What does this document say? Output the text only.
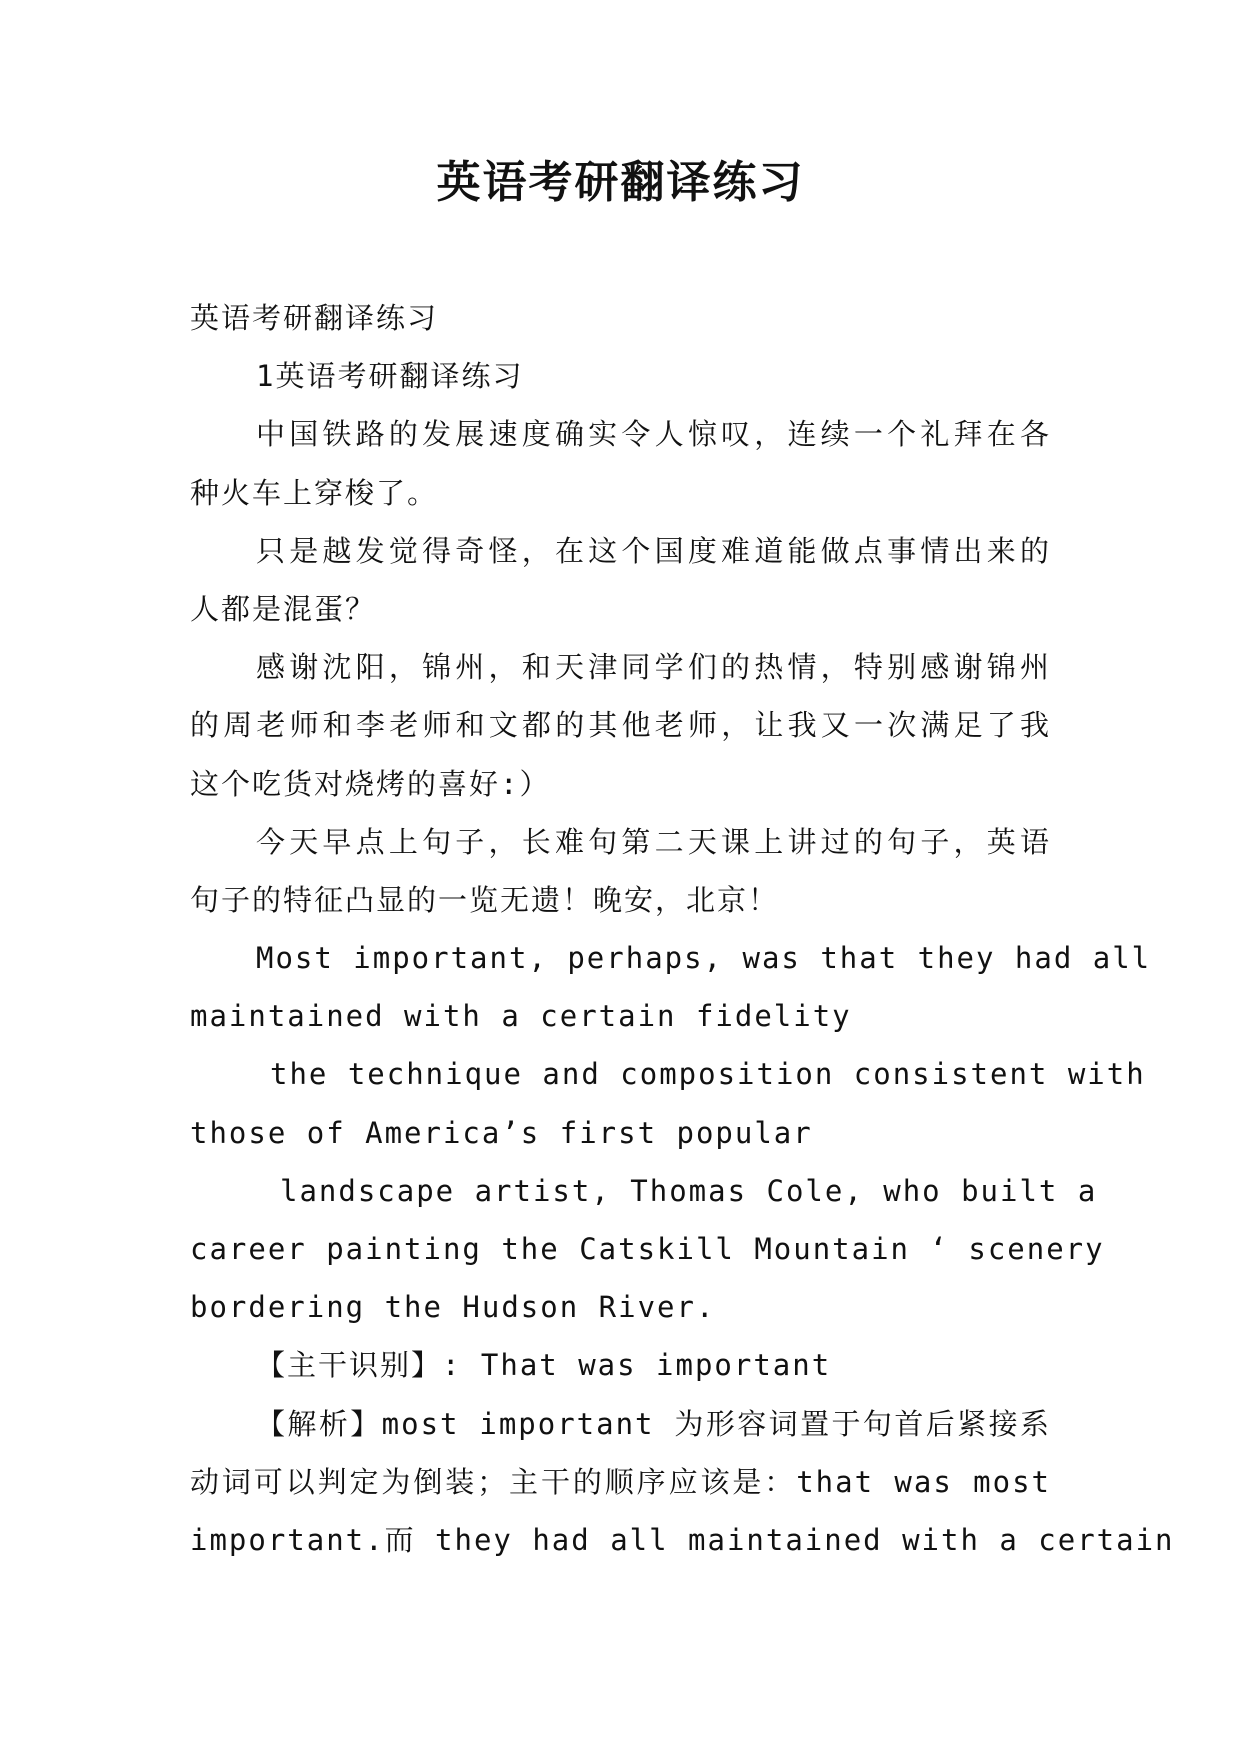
英语考研翻译练习

英语考研翻译练习

1英语考研翻译练习

中国铁路的发展速度确实令人惊叹，连续一个礼拜在各

种火车上穿梭了。

只是越发觉得奇怪，在这个国度难道能做点事情出来的

人都是混蛋？

感谢沈阳，锦州，和天津同学们的热情，特别感谢锦州

的周老师和李老师和文都的其他老师，让我又一次满足了我

这个吃货对烧烤的喜好:）

今天早点上句子，长难句第二天课上讲过的句子，英语

句子的特征凸显的一览无遗！晚安，北京！

Most important, perhaps, was that they had all

maintained with a certain fidelity

the technique and composition consistent with

those of America’s first popular

landscape artist, Thomas Cole, who built a

career painting the Catskill Mountain ‘ scenery

bordering the Hudson River.

【主干识别】: That was important

【解析】most important 为形容词置于句首后紧接系

动词可以判定为倒装；主干的顺序应该是：that was most

important.而 they had all maintained with a certain
